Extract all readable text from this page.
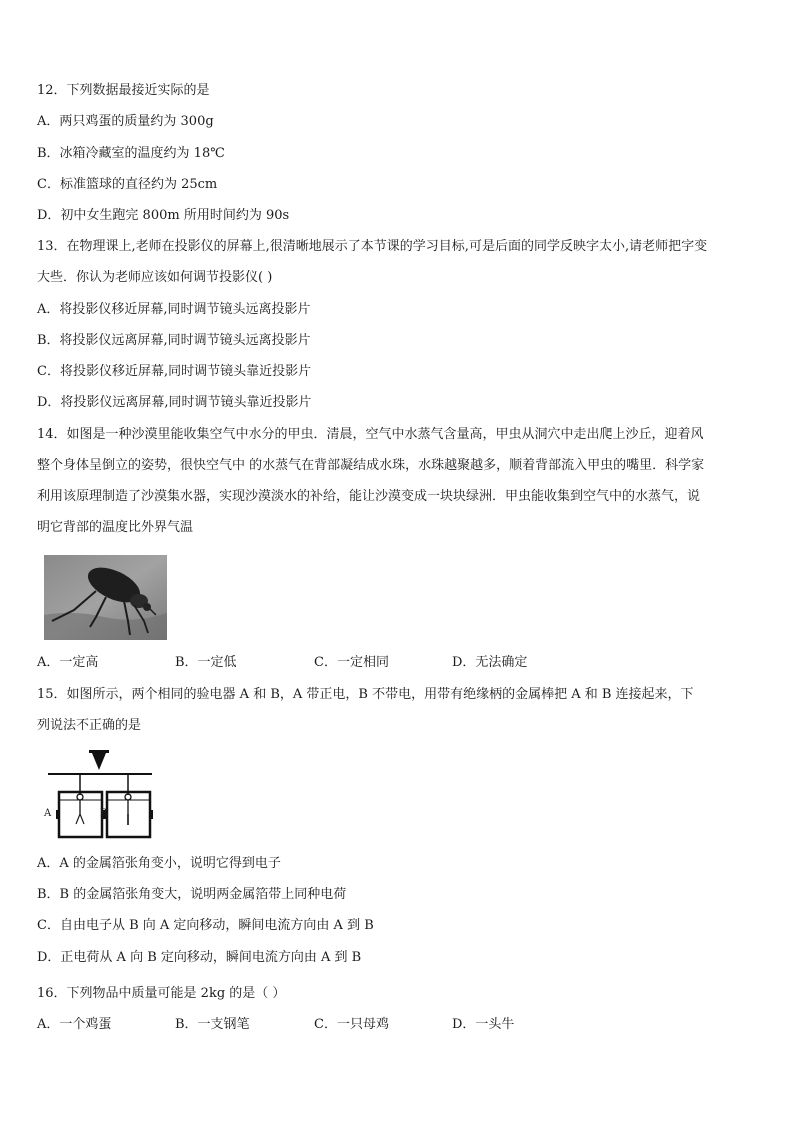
12．下列数据最接近实际的是
A．两只鸡蛋的质量约为 300g
B．冰箱冷藏室的温度约为 18℃
C．标准篮球的直径约为 25cm
D．初中女生跑完 800m 所用时间约为 90s
13．在物理课上,老师在投影仪的屏幕上,很清晰地展示了本节课的学习目标,可是后面的同学反映字太小,请老师把字变
大些．你认为老师应该如何调节投影仪( )
A．将投影仪移近屏幕,同时调节镜头远离投影片
B．将投影仪远离屏幕,同时调节镜头远离投影片
C．将投影仪移近屏幕,同时调节镜头靠近投影片
D．将投影仪远离屏幕,同时调节镜头靠近投影片
14．如图是一种沙漠里能收集空气中水分的甲虫．清晨，空气中水蒸气含量高，甲虫从洞穴中走出爬上沙丘，迎着风
整个身体呈倒立的姿势，很快空气中 的水蒸气在背部凝结成水珠，水珠越聚越多，顺着背部流入甲虫的嘴里．科学家
利用该原理制造了沙漠集水器，实现沙漠淡水的补给，能让沙漠变成一块块绿洲．甲虫能收集到空气中的水蒸气，说
明它背部的温度比外界气温
A．一定高	B．一定低	C．一定相同	D．无法确定
15．如图所示，两个相同的验电器 A 和 B，A 带正电，B 不带电，用带有绝缘柄的金属棒把 A 和 B 连接起来，下
列说法不正确的是
A	B
A．A 的金属箔张角变小，说明它得到电子
B．B 的金属箔张角变大，说明两金属箔带上同种电荷
C．自由电子从 B 向 A 定向移动，瞬间电流方向由 A 到 B
D．正电荷从 A 向 B 定向移动，瞬间电流方向由 A 到 B
16．下列物品中质量可能是 2kg 的是（ ）
A．一个鸡蛋	B．一支钢笔	C．一只母鸡	D．一头牛
